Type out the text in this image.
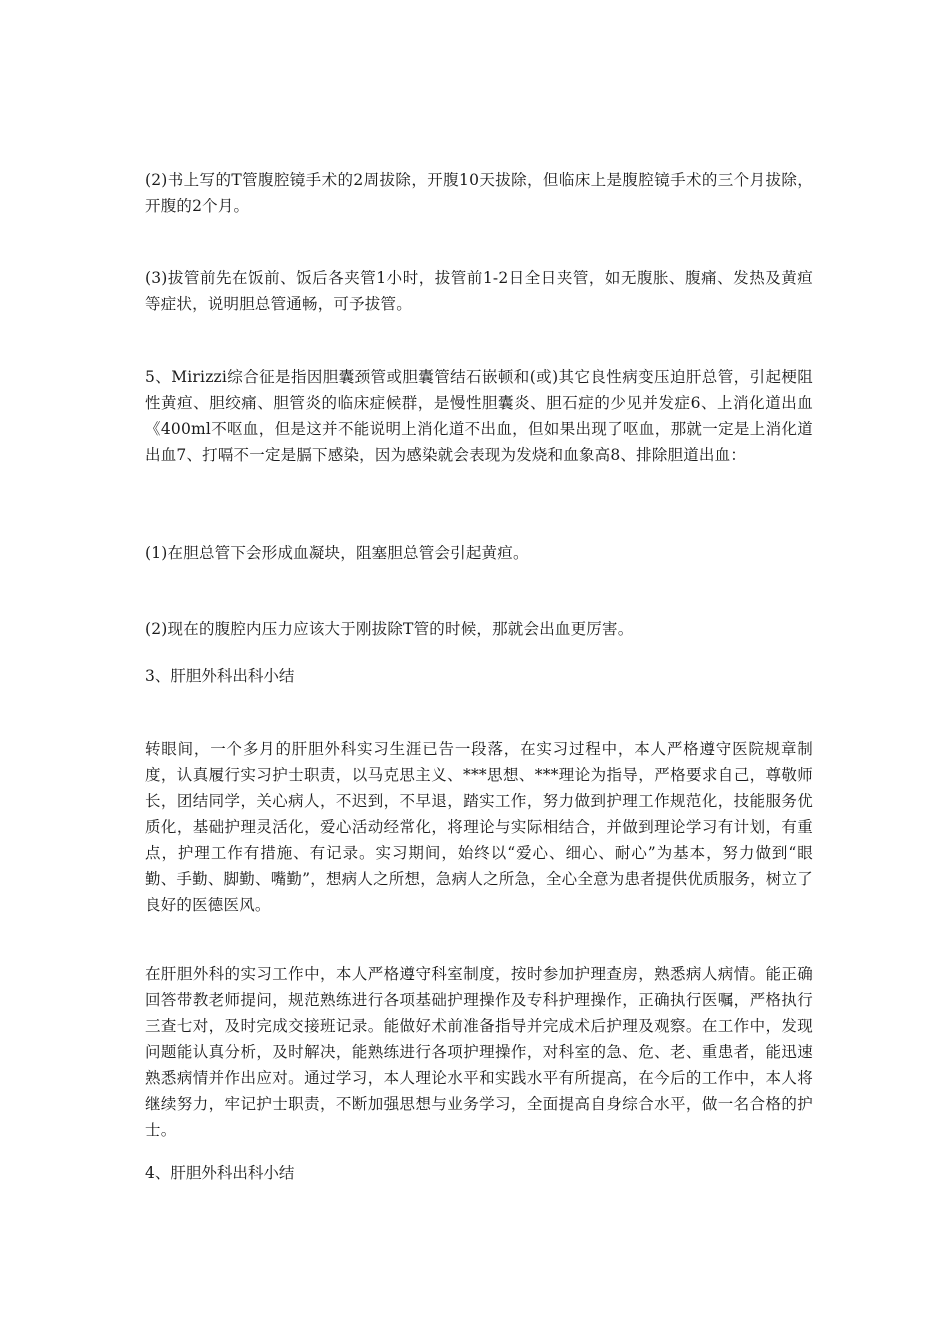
(2)书上写的T管腹腔镜手术的2周拔除，开腹10天拔除，但临床上是腹腔镜手术的三个月拔除，开腹的2个月。

(3)拔管前先在饭前、饭后各夹管1小时，拔管前1-2日全日夹管，如无腹胀、腹痛、发热及黄疸等症状，说明胆总管通畅，可予拔管。

5、Mirizzi综合征是指因胆囊颈管或胆囊管结石嵌顿和(或)其它良性病变压迫肝总管，引起梗阻性黄疸、胆绞痛、胆管炎的临床症候群，是慢性胆囊炎、胆石症的少见并发症6、上消化道出血《400ml不呕血，但是这并不能说明上消化道不出血，但如果出现了呕血，那就一定是上消化道出血7、打嗝不一定是膈下感染，因为感染就会表现为发烧和血象高8、排除胆道出血：

(1)在胆总管下会形成血凝块，阻塞胆总管会引起黄疸。

(2)现在的腹腔内压力应该大于刚拔除T管的时候，那就会出血更厉害。

3、肝胆外科出科小结

转眼间，一个多月的肝胆外科实习生涯已告一段落，在实习过程中，本人严格遵守医院规章制度，认真履行实习护士职责，以马克思主义、***思想、***理论为指导，严格要求自己，尊敬师长，团结同学，关心病人，不迟到，不早退，踏实工作，努力做到护理工作规范化，技能服务优质化，基础护理灵活化，爱心活动经常化，将理论与实际相结合，并做到理论学习有计划，有重点，护理工作有措施、有记录。实习期间，始终以“爱心、细心、耐心”为基本，努力做到“眼勤、手勤、脚勤、嘴勤”，想病人之所想，急病人之所急，全心全意为患者提供优质服务，树立了良好的医德医风。

在肝胆外科的实习工作中，本人严格遵守科室制度，按时参加护理查房，熟悉病人病情。能正确回答带教老师提问，规范熟练进行各项基础护理操作及专科护理操作，正确执行医嘱，严格执行三查七对，及时完成交接班记录。能做好术前准备指导并完成术后护理及观察。在工作中，发现问题能认真分析，及时解决，能熟练进行各项护理操作，对科室的急、危、老、重患者，能迅速熟悉病情并作出应对。通过学习，本人理论水平和实践水平有所提高，在今后的工作中，本人将继续努力，牢记护士职责，不断加强思想与业务学习，全面提高自身综合水平，做一名合格的护士。

4、肝胆外科出科小结
